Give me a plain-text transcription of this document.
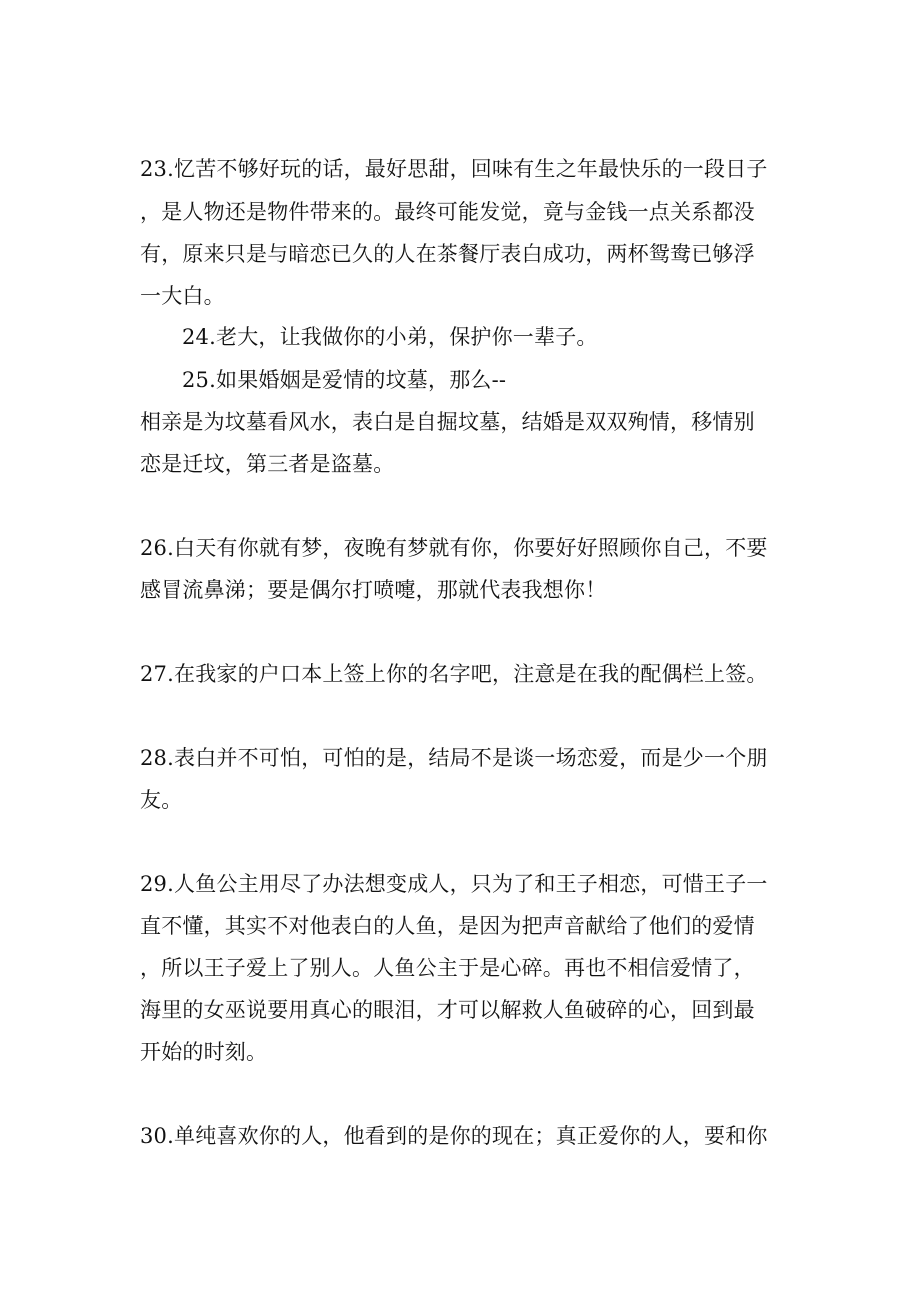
23.忆苦不够好玩的话，最好思甜，回味有生之年最快乐的一段日子
，是人物还是物件带来的。最终可能发觉，竟与金钱一点关系都没
有，原来只是与暗恋已久的人在茶餐厅表白成功，两杯鸳鸯已够浮
一大白。
24.老大，让我做你的小弟，保护你一辈子。
25.如果婚姻是爱情的坟墓，那么--
相亲是为坟墓看风水，表白是自掘坟墓，结婚是双双殉情，移情别
恋是迁坟，第三者是盗墓。
26.白天有你就有梦，夜晚有梦就有你，你要好好照顾你自己，不要
感冒流鼻涕；要是偶尔打喷嚏，那就代表我想你！
27.在我家的户口本上签上你的名字吧，注意是在我的配偶栏上签。
28.表白并不可怕，可怕的是，结局不是谈一场恋爱，而是少一个朋
友。
29.人鱼公主用尽了办法想变成人，只为了和王子相恋，可惜王子一
直不懂，其实不对他表白的人鱼，是因为把声音献给了他们的爱情
，所以王子爱上了别人。人鱼公主于是心碎。再也不相信爱情了，
海里的女巫说要用真心的眼泪，才可以解救人鱼破碎的心，回到最
开始的时刻。
30.单纯喜欢你的人，他看到的是你的现在；真正爱你的人，要和你
